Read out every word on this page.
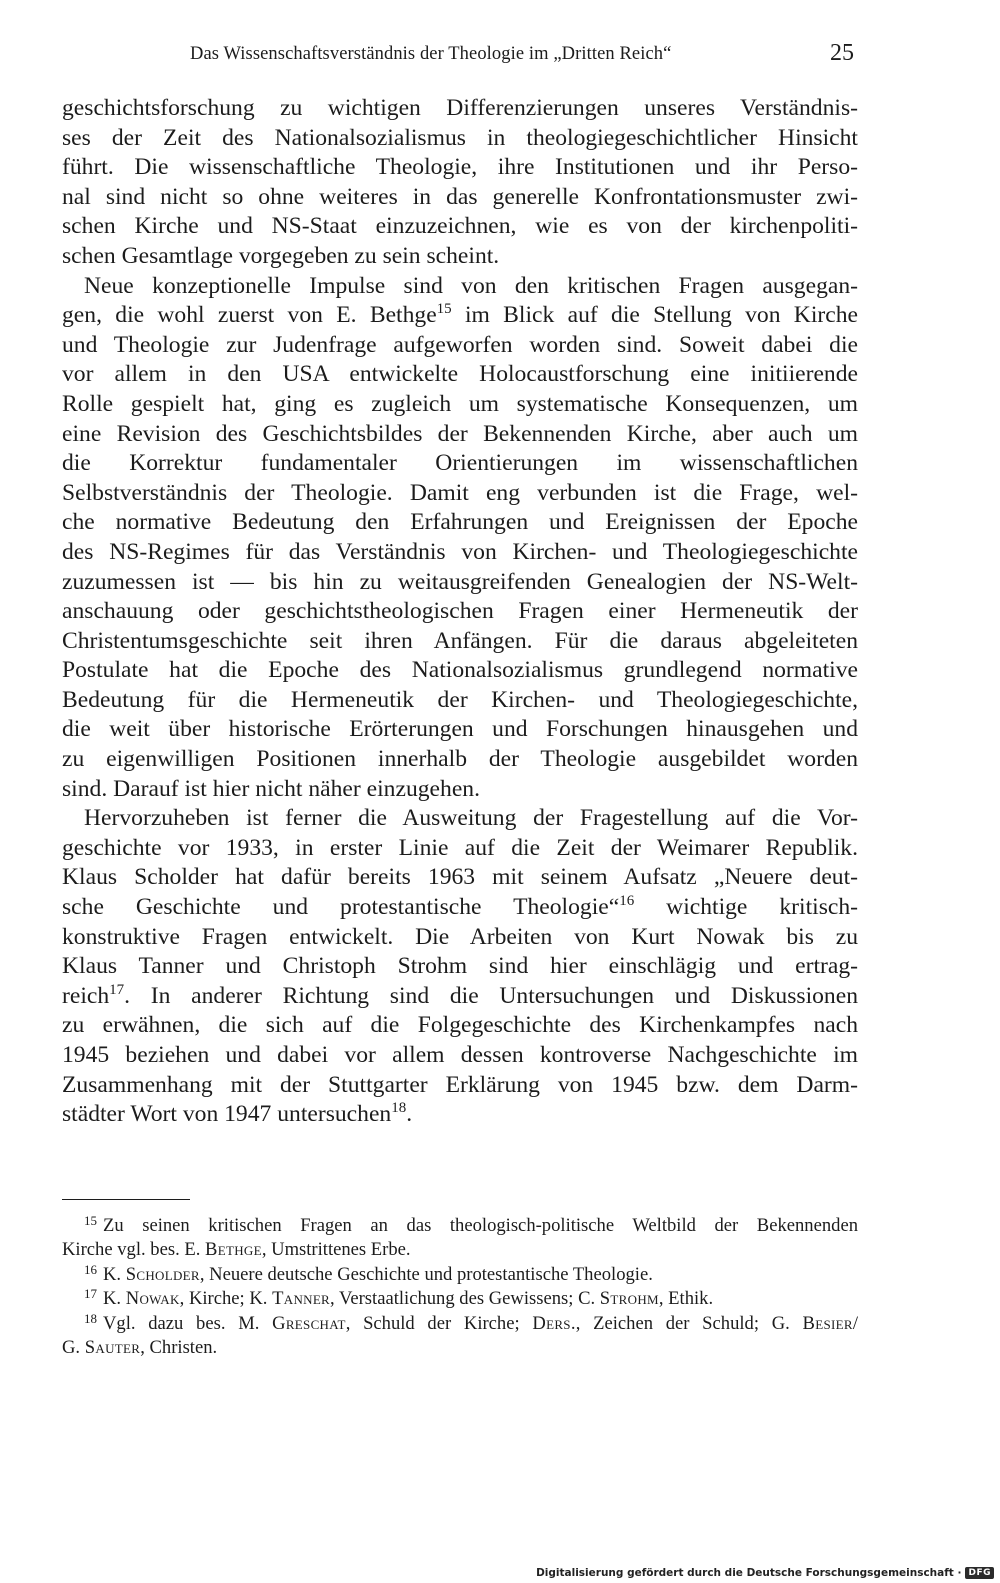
Das Wissenschaftsverständnis der Theologie im „Dritten Reich“	25

geschichtsforschung zu wichtigen Differenzierungen unseres Verständnis-
ses der Zeit des Nationalsozialismus in theologiegeschichtlicher Hinsicht
führt. Die wissenschaftliche Theologie, ihre Institutionen und ihr Perso-
nal sind nicht so ohne weiteres in das generelle Konfrontationsmuster zwi-
schen Kirche und NS-Staat einzuzeichnen, wie es von der kirchenpoliti-
schen Gesamtlage vorgegeben zu sein scheint.

Neue konzeptionelle Impulse sind von den kritischen Fragen ausgegan-
gen, die wohl zuerst von E. Bethge$^{15}$ im Blick auf die Stellung von Kirche
und Theologie zur Judenfrage aufgeworfen worden sind. Soweit dabei die
vor allem in den USA entwickelte Holocaustforschung eine initiierende
Rolle gespielt hat, ging es zugleich um systematische Konsequenzen, um
eine Revision des Geschichtsbildes der Bekennenden Kirche, aber auch um
die Korrektur fundamentaler Orientierungen im wissenschaftlichen
Selbstverständnis der Theologie. Damit eng verbunden ist die Frage, wel-
che normative Bedeutung den Erfahrungen und Ereignissen der Epoche
des NS-Regimes für das Verständnis von Kirchen- und Theologiegeschichte
zuzumessen ist — bis hin zu weitausgreifenden Genealogien der NS-Welt-
anschauung oder geschichtstheologischen Fragen einer Hermeneutik der
Christentumsgeschichte seit ihren Anfängen. Für die daraus abgeleiteten
Postulate hat die Epoche des Nationalsozialismus grundlegend normative
Bedeutung für die Hermeneutik der Kirchen- und Theologiegeschichte,
die weit über historische Erörterungen und Forschungen hinausgehen und
zu eigenwilligen Positionen innerhalb der Theologie ausgebildet worden
sind. Darauf ist hier nicht näher einzugehen.

Hervorzuheben ist ferner die Ausweitung der Fragestellung auf die Vor-
geschichte vor 1933, in erster Linie auf die Zeit der Weimarer Republik.
Klaus Scholder hat dafür bereits 1963 mit seinem Aufsatz „Neuere deut-
sche Geschichte und protestantische Theologie“$^{16}$ wichtige kritisch-
konstruktive Fragen entwickelt. Die Arbeiten von Kurt Nowak bis zu
Klaus Tanner und Christoph Strohm sind hier einschlägig und ertrag-
reich$^{17}$. In anderer Richtung sind die Untersuchungen und Diskussionen
zu erwähnen, die sich auf die Folgegeschichte des Kirchenkampfes nach
1945 beziehen und dabei vor allem dessen kontroverse Nachgeschichte im
Zusammenhang mit der Stuttgarter Erklärung von 1945 bzw. dem Darm-
städter Wort von 1947 untersuchen$^{18}$.

$^{15}$ Zu seinen kritischen Fragen an das theologisch-politische Weltbild der Bekennenden
Kirche vgl. bes. E. Bethge, Umstrittenes Erbe.

$^{16}$ K. Scholder, Neuere deutsche Geschichte und protestantische Theologie.

$^{17}$ K. Nowak, Kirche; K. Tanner, Verstaatlichung des Gewissens; C. Strohm, Ethik.

$^{18}$ Vgl. dazu bes. M. Greschat, Schuld der Kirche; Ders., Zeichen der Schuld; G. Besier/
G. Sauter, Christen.

Digitalisierung gefördert durch die Deutsche Forschungsgemeinschaft · DFG
